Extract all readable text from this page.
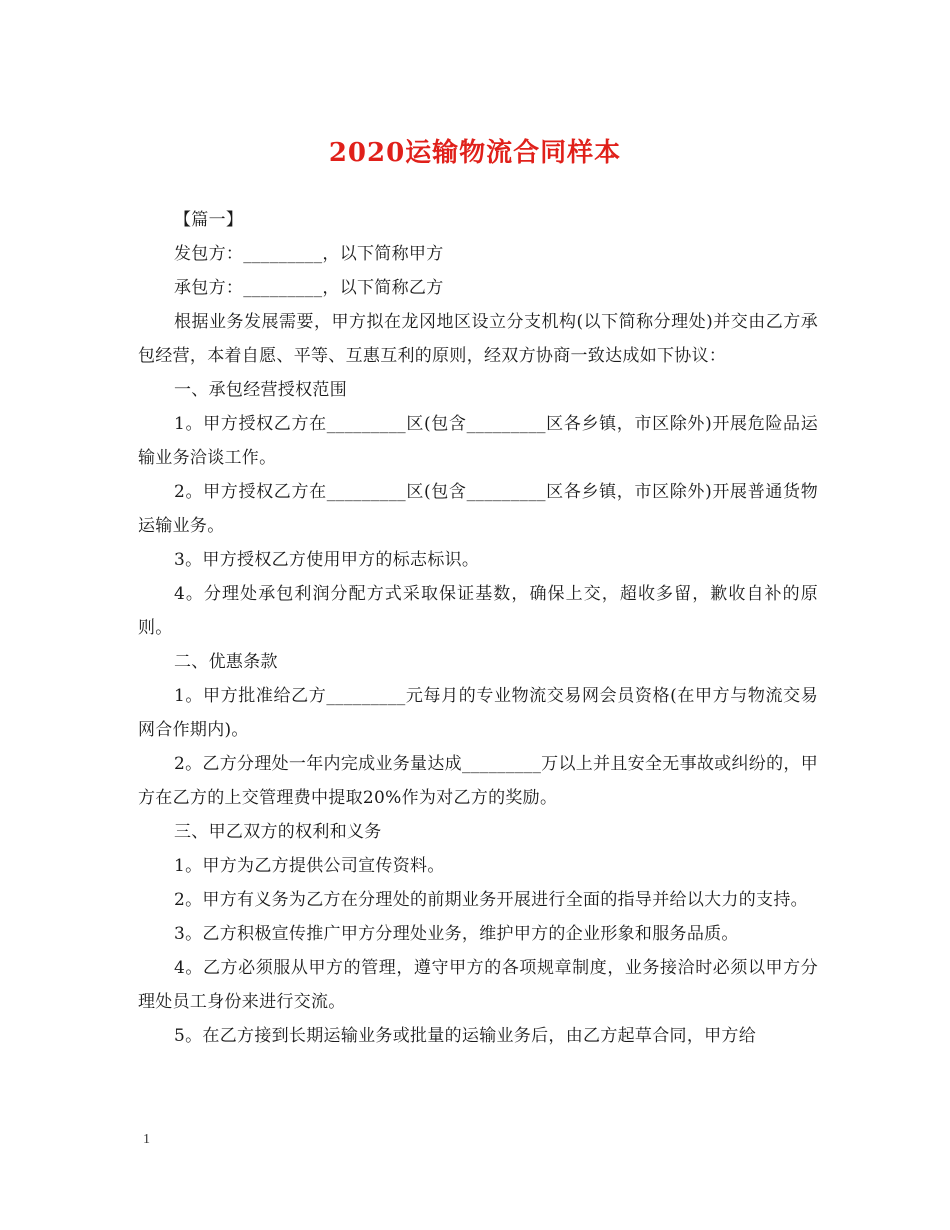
2020运输物流合同样本

【篇一】

发包方：_________，以下简称甲方

承包方：_________，以下简称乙方

根据业务发展需要，甲方拟在龙冈地区设立分支机构(以下简称分理处)并交由乙方承包经营，本着自愿、平等、互惠互利的原则，经双方协商一致达成如下协议：

一、承包经营授权范围

1。甲方授权乙方在_________区(包含_________区各乡镇，市区除外)开展危险品运输业务洽谈工作。

2。甲方授权乙方在_________区(包含_________区各乡镇，市区除外)开展普通货物运输业务。

3。甲方授权乙方使用甲方的标志标识。

4。分理处承包利润分配方式采取保证基数，确保上交，超收多留，歉收自补的原则。

二、优惠条款

1。甲方批准给乙方_________元每月的专业物流交易网会员资格(在甲方与物流交易网合作期内)。

2。乙方分理处一年内完成业务量达成_________万以上并且安全无事故或纠纷的，甲方在乙方的上交管理费中提取20%作为对乙方的奖励。

三、甲乙双方的权利和义务

1。甲方为乙方提供公司宣传资料。

2。甲方有义务为乙方在分理处的前期业务开展进行全面的指导并给以大力的支持。

3。乙方积极宣传推广甲方分理处业务，维护甲方的企业形象和服务品质。

4。乙方必须服从甲方的管理，遵守甲方的各项规章制度，业务接洽时必须以甲方分理处员工身份来进行交流。

5。在乙方接到长期运输业务或批量的运输业务后，由乙方起草合同，甲方给

1
